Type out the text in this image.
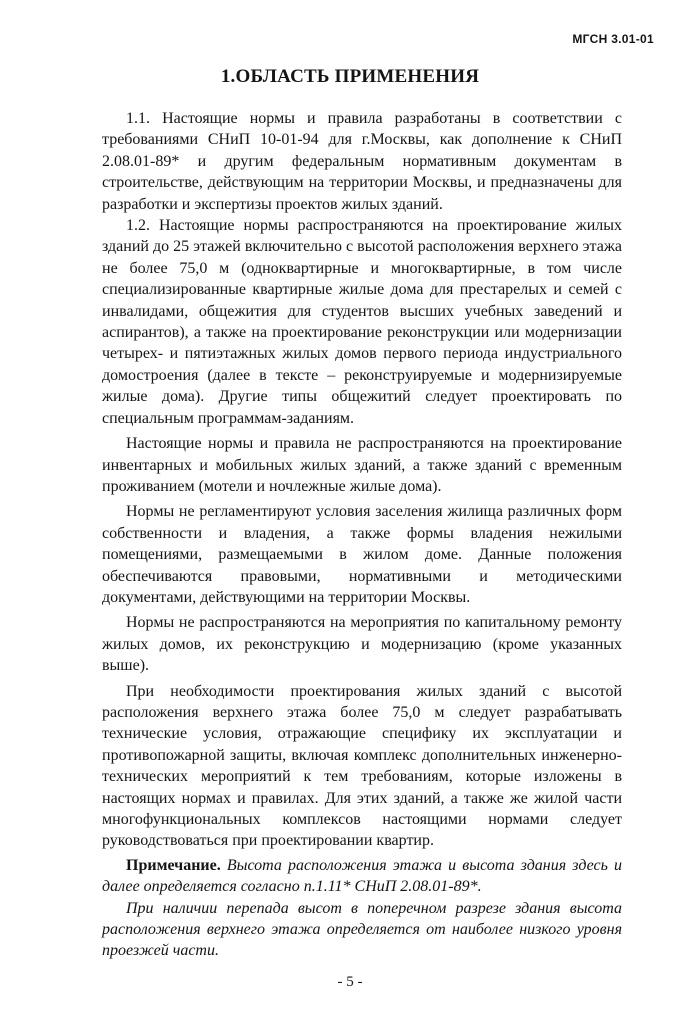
МГСН 3.01-01
1.ОБЛАСТЬ ПРИМЕНЕНИЯ

1.1. Настоящие нормы и правила разработаны в соответствии с требованиями СНиП 10-01-94 для г.Москвы, как дополнение к СНиП 2.08.01-89* и другим федеральным нормативным документам в строительстве, действующим на территории Москвы, и предназначены для разработки и экспертизы проектов жилых зданий.

1.2. Настоящие нормы распространяются на проектирование жилых зданий до 25 этажей включительно с высотой расположения верхнего этажа не более 75,0 м (одноквартирные и многоквартирные, в том числе специализированные квартирные жилые дома для престарелых и семей с инвалидами, общежития для студентов высших учебных заведений и аспирантов), а также на проектирование реконструкции или модернизации четырех- и пятиэтажных жилых домов первого периода индустриального домостроения (далее в тексте – реконструируемые и модернизируемые жилые дома). Другие типы общежитий следует проектировать по специальным программам-заданиям.

Настоящие нормы и правила не распространяются на проектирование инвентарных и мобильных жилых зданий, а также зданий с временным проживанием (мотели и ночлежные жилые дома).

Нормы не регламентируют условия заселения жилища различных форм собственности и владения, а также формы владения нежилыми помещениями, размещаемыми в жилом доме. Данные положения обеспечиваются правовыми, нормативными и методическими документами, действующими на территории Москвы.

Нормы не распространяются на мероприятия по капитальному ремонту жилых домов, их реконструкцию и модернизацию (кроме указанных выше).

При необходимости проектирования жилых зданий с высотой расположения верхнего этажа более 75,0 м следует разрабатывать технические условия, отражающие специфику их эксплуатации и противопожарной защиты, включая комплекс дополнительных инженерно-технических мероприятий к тем требованиям, которые изложены в настоящих нормах и правилах. Для этих зданий, а также же жилой части многофункциональных комплексов настоящими нормами следует руководствоваться при проектировании квартир.

Примечание. Высота расположения этажа и высота здания здесь и далее определяется согласно п.1.11* СНиП 2.08.01-89*.

При наличии перепада высот в поперечном разрезе здания высота расположения верхнего этажа определяется от наиболее низкого уровня проезжей части.

- 5 -
